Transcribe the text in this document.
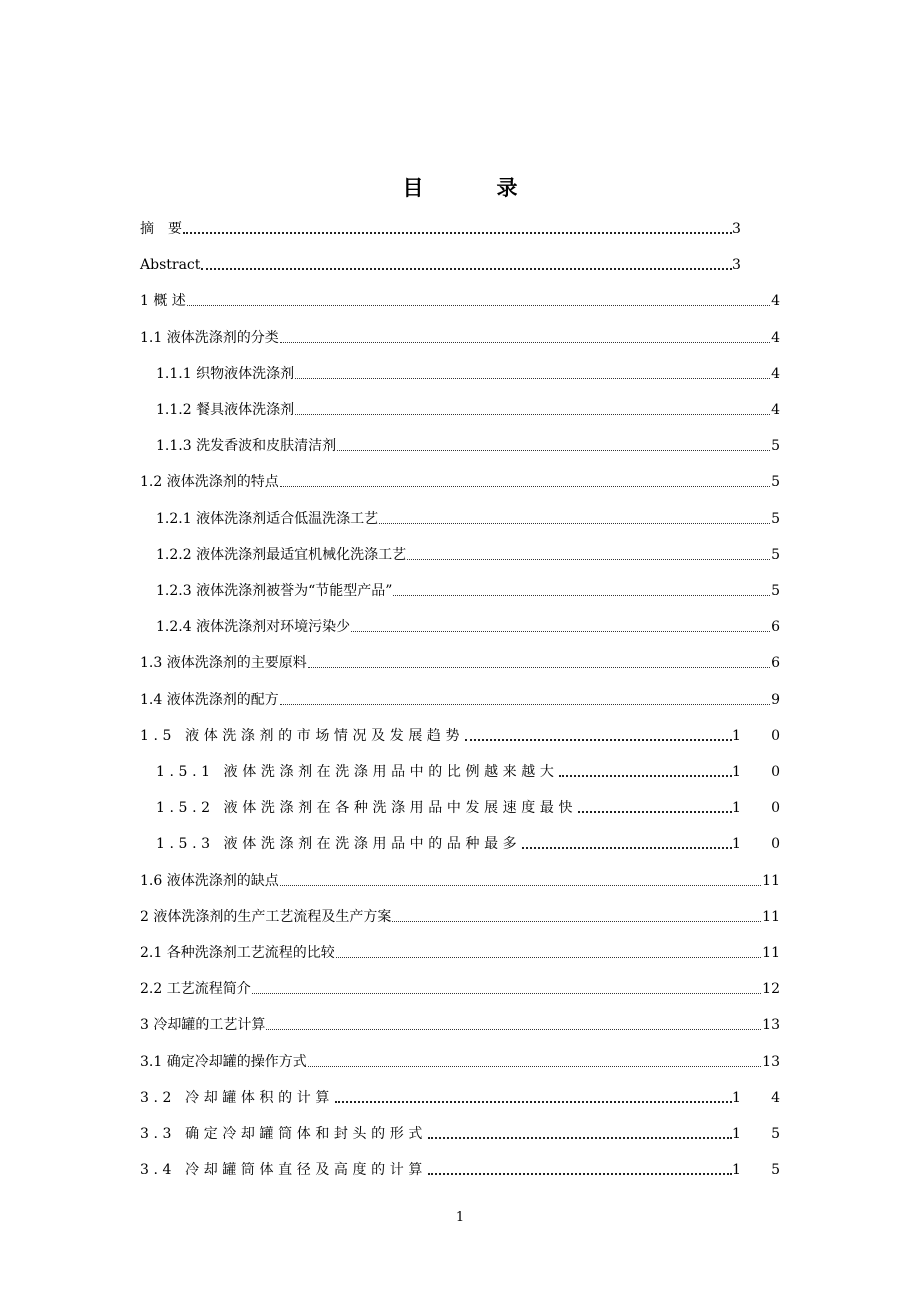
目　录
摘　要	3
Abstract	3
1 概 述	4
1.1 液体洗涤剂的分类	4
1.1.1 织物液体洗涤剂	4
1.1.2 餐具液体洗涤剂	4
1.1.3 洗发香波和皮肤清洁剂	5
1.2 液体洗涤剂的特点	5
1.2.1 液体洗涤剂适合低温洗涤工艺	5
1.2.2 液体洗涤剂最适宜机械化洗涤工艺	5
1.2.3 液体洗涤剂被誉为“节能型产品”	5
1.2.4 液体洗涤剂对环境污染少	6
1.3 液体洗涤剂的主要原料	6
1.4 液体洗涤剂的配方	9
1.5 液体洗涤剂的市场情况及发展趋势	1 0
1.5.1 液体洗涤剂在洗涤用品中的比例越来越大	1 0
1.5.2 液体洗涤剂在各种洗涤用品中发展速度最快	1 0
1.5.3 液体洗涤剂在洗涤用品中的品种最多	1 0
1.6 液体洗涤剂的缺点	11
2 液体洗涤剂的生产工艺流程及生产方案	11
2.1 各种洗涤剂工艺流程的比较	11
2.2 工艺流程简介	12
3 冷却罐的工艺计算	13
3.1 确定冷却罐的操作方式	13
3.2 冷却罐体积的计算	1 4
3.3 确定冷却罐筒体和封头的形式	1 5
3.4 冷却罐筒体直径及高度的计算	1 5
1
